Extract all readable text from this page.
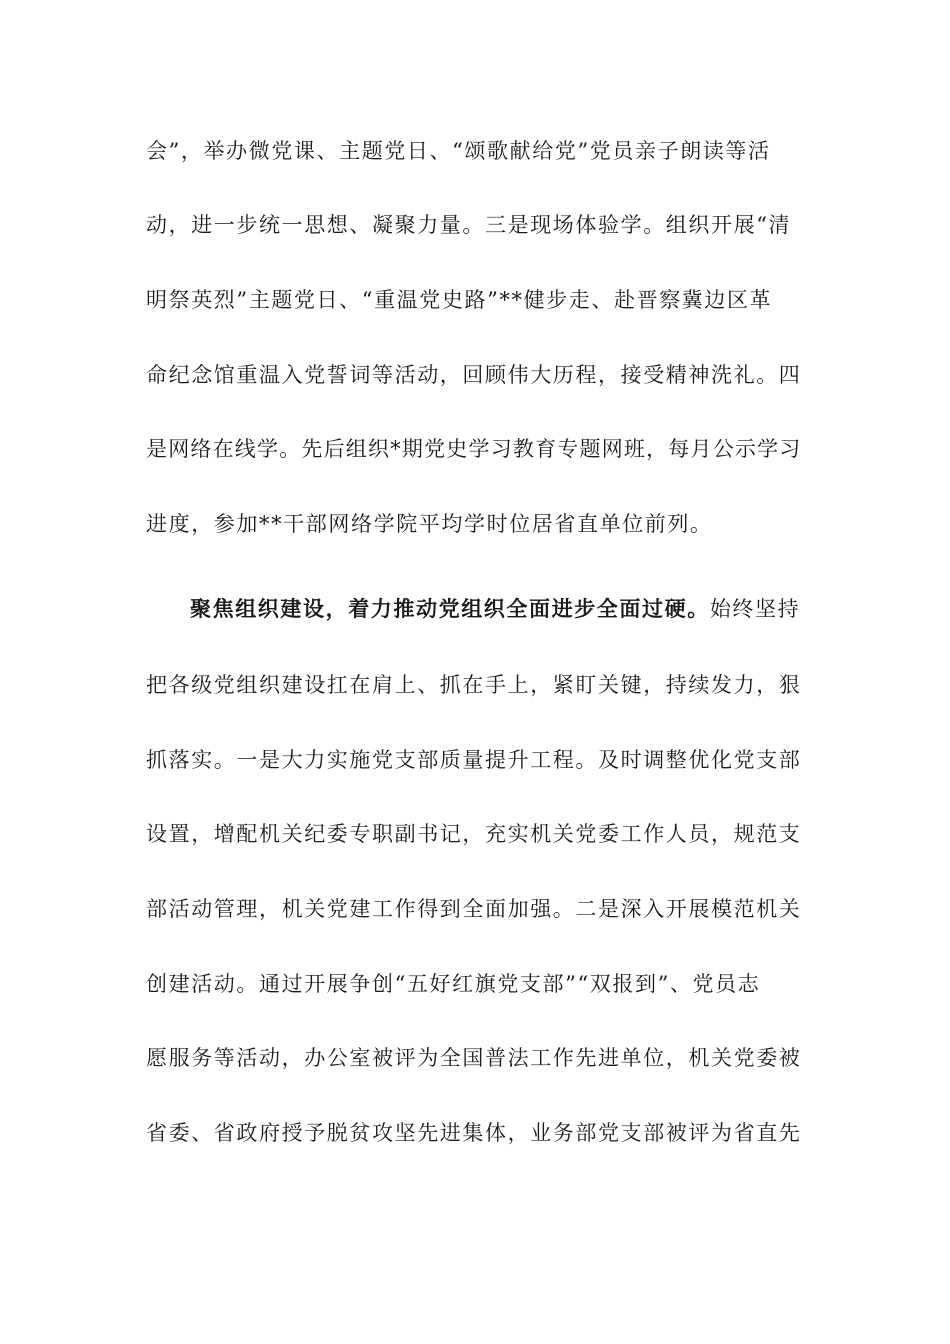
会”，举办微党课、主题党日、“颂歌献给党”党员亲子朗读等活
动，进一步统一思想、凝聚力量。三是现场体验学。组织开展“清
明祭英烈”主题党日、“重温党史路”**健步走、赴晋察冀边区革
命纪念馆重温入党誓词等活动，回顾伟大历程，接受精神洗礼。四
是网络在线学。先后组织*期党史学习教育专题网班，每月公示学习
进度，参加**干部网络学院平均学时位居省直单位前列。
聚焦组织建设，着力推动党组织全面进步全面过硬。始终坚持
把各级党组织建设扛在肩上、抓在手上，紧盯关键，持续发力，狠
抓落实。一是大力实施党支部质量提升工程。及时调整优化党支部
设置，增配机关纪委专职副书记，充实机关党委工作人员，规范支
部活动管理，机关党建工作得到全面加强。二是深入开展模范机关
创建活动。通过开展争创“五好红旗党支部”“双报到”、党员志
愿服务等活动，办公室被评为全国普法工作先进单位，机关党委被
省委、省政府授予脱贫攻坚先进集体，业务部党支部被评为省直先
